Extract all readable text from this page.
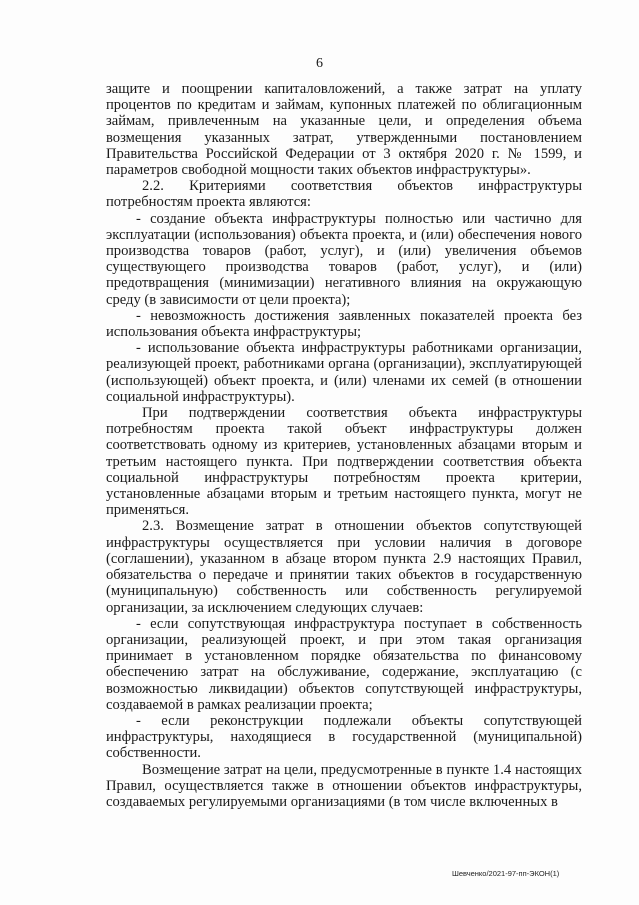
6

защите и поощрении капиталовложений, а также затрат на уплату процентов по кредитам и займам, купонных платежей по облигационным займам, привлеченным на указанные цели, и определения объема возмещения указанных затрат, утвержденными постановлением Правительства Российской Федерации от 3 октября 2020 г. № 1599, и параметров свободной мощности таких объектов инфраструктуры».

2.2. Критериями соответствия объектов инфраструктуры потребностям проекта являются:

- создание объекта инфраструктуры полностью или частично для эксплуатации (использования) объекта проекта, и (или) обеспечения нового производства товаров (работ, услуг), и (или) увеличения объемов существующего производства товаров (работ, услуг), и (или) предотвращения (минимизации) негативного влияния на окружающую среду (в зависимости от цели проекта);

- невозможность достижения заявленных показателей проекта без использования объекта инфраструктуры;

- использование объекта инфраструктуры работниками организации, реализующей проект, работниками органа (организации), эксплуатирующей (использующей) объект проекта, и (или) членами их семей (в отношении социальной инфраструктуры).

При подтверждении соответствия объекта инфраструктуры потребностям проекта такой объект инфраструктуры должен соответствовать одному из критериев, установленных абзацами вторым и третьим настоящего пункта. При подтверждении соответствия объекта социальной инфраструктуры потребностям проекта критерии, установленные абзацами вторым и третьим настоящего пункта, могут не применяться.

2.3. Возмещение затрат в отношении объектов сопутствующей инфраструктуры осуществляется при условии наличия в договоре (соглашении), указанном в абзаце втором пункта 2.9 настоящих Правил, обязательства о передаче и принятии таких объектов в государственную (муниципальную) собственность или собственность регулируемой организации, за исключением следующих случаев:

- если сопутствующая инфраструктура поступает в собственность организации, реализующей проект, и при этом такая организация принимает в установленном порядке обязательства по финансовому обеспечению затрат на обслуживание, содержание, эксплуатацию (с возможностью ликвидации) объектов сопутствующей инфраструктуры, создаваемой в рамках реализации проекта;

- если реконструкции подлежали объекты сопутствующей инфраструктуры, находящиеся в государственной (муниципальной) собственности.

Возмещение затрат на цели, предусмотренные в пункте 1.4 настоящих Правил, осуществляется также в отношении объектов инфраструктуры, создаваемых регулируемыми организациями (в том числе включенных в

Шевченко/2021-97-пп-ЭКОН(1)
